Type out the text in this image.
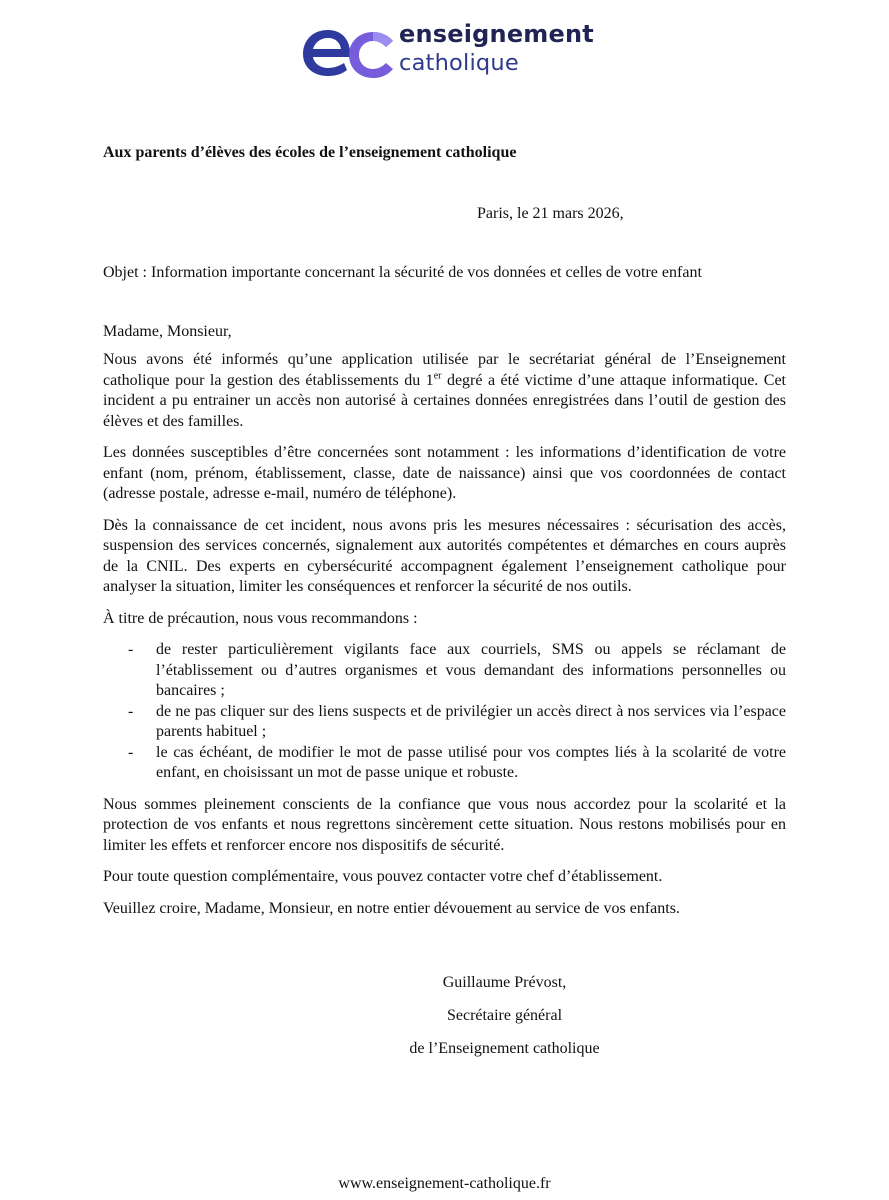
enseignement
catholique
Aux parents d’élèves des écoles de l’enseignement catholique
Paris, le 21 mars 2026,
Objet : Information importante concernant la sécurité de vos données et celles de votre enfant
Madame, Monsieur,

Nous avons été informés qu’une application utilisée par le secrétariat général de l’Enseignement catholique pour la gestion des établissements du 1er degré a été victime d’une attaque informatique. Cet incident a pu entrainer un accès non autorisé à certaines données enregistrées dans l’outil de gestion des élèves et des familles.

Les données susceptibles d’être concernées sont notamment : les informations d’identification de votre enfant (nom, prénom, établissement, classe, date de naissance) ainsi que vos coordonnées de contact (adresse postale, adresse e-mail, numéro de téléphone).

Dès la connaissance de cet incident, nous avons pris les mesures nécessaires : sécurisation des accès, suspension des services concernés, signalement aux autorités compétentes et démarches en cours auprès de la CNIL. Des experts en cybersécurité accompagnent également l’enseignement catholique pour analyser la situation, limiter les conséquences et renforcer la sécurité de nos outils.

À titre de précaution, nous vous recommandons :

- de rester particulièrement vigilants face aux courriels, SMS ou appels se réclamant de l’établissement ou d’autres organismes et vous demandant des informations personnelles ou bancaires ;
- de ne pas cliquer sur des liens suspects et de privilégier un accès direct à nos services via l’espace parents habituel ;
- le cas échéant, de modifier le mot de passe utilisé pour vos comptes liés à la scolarité de votre enfant, en choisissant un mot de passe unique et robuste.

Nous sommes pleinement conscients de la confiance que vous nous accordez pour la scolarité et la protection de vos enfants et nous regrettons sincèrement cette situation. Nous restons mobilisés pour en limiter les effets et renforcer encore nos dispositifs de sécurité.

Pour toute question complémentaire, vous pouvez contacter votre chef d’établissement.

Veuillez croire, Madame, Monsieur, en notre entier dévouement au service de vos enfants.

Guillaume Prévost,
Secrétaire général
de l’Enseignement catholique
www.enseignement-catholique.fr
